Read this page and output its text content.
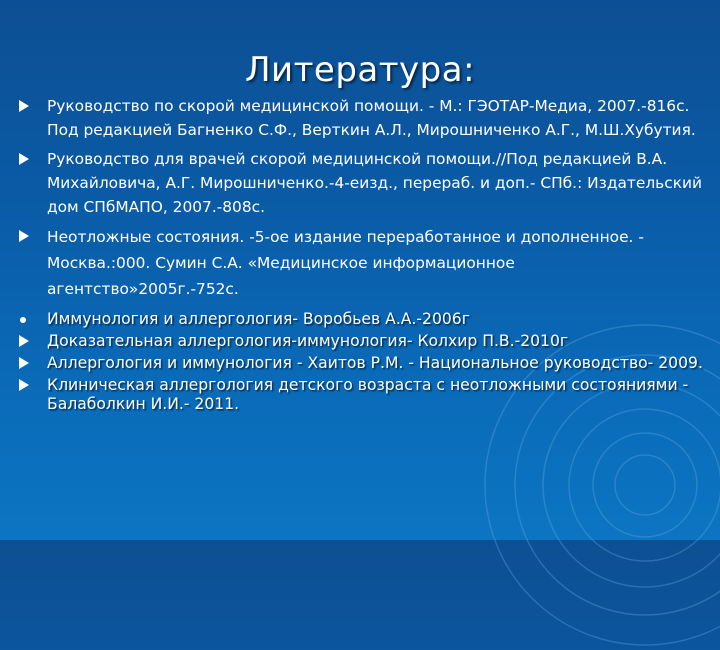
Литература:
Руководство по скорой медицинской помощи. - М.: ГЭОТАР-Медиа, 2007.-816с. Под редакцией Багненко С.Ф., Верткин А.Л., Мирошниченко А.Г., М.Ш.Хубутия.
Руководство для врачей скорой медицинской помощи.//Под редакцией В.А. Михайловича, А.Г. Мирошниченко.-4-еизд., перераб. и доп.- СПб.: Издательский дом СПбМАПО, 2007.-808с.
Неотложные состояния. -5-ое издание переработанное и дополненное. - Москва.:000. Сумин С.А. «Медицинское информационное агентство»2005г.-752с.
Иммунология и аллергология- Воробьев А.А.-2006г
Доказательная аллергология-иммунология- Колхир П.В.-2010г
Аллергология и иммунология - Хаитов Р.М. - Национальное руководство- 2009.
Клиническая аллергология детского возраста с неотложными состояниями - Балаболкин И.И.- 2011.
